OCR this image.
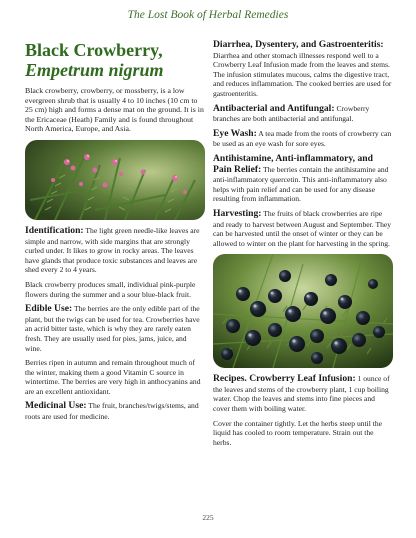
The Lost Book of Herbal Remedies
Black Crowberry,
Empetrum nigrum

Black crowberry, crowberry, or mossberry, is a low evergreen shrub that is usually 4 to 10 inches (10 cm to 25 cm) high and forms a dense mat on the ground. It is in the Ericaceae (Heath) Family and is found throughout North America, Europe, and Asia.

Identification: The light green needle-like leaves are simple and narrow, with side margins that are strongly curled under. It likes to grow in rocky areas. The leaves have glands that produce toxic substances and leaves are shed every 2 to 4 years.

Black crowberry produces small, individual pink-purple flowers during the summer and a sour blue-black fruit.

Edible Use: The berries are the only edible part of the plant, but the twigs can be used for tea. Crowberries have an acrid bitter taste, which is why they are rarely eaten fresh. They are usually used for pies, jams, juice, and wine.

Berries ripen in autumn and remain throughout much of the winter, making them a good Vitamin C source in wintertime. The berries are very high in anthocyanins and are an excellent antioxidant.

Medicinal Use: The fruit, branches/twigs/stems, and roots are used for medicine.
Diarrhea, Dysentery, and Gastroenteritis: Diarrhea and other stomach illnesses respond well to a Crowberry Leaf Infusion made from the leaves and stems. The infusion stimulates mucous, calms the digestive tract, and reduces inflammation. The cooked berries are used for gastroenteritis.
Antibacterial and Antifungal: Crowberry branches are both antibacterial and antifungal.
Eye Wash: A tea made from the roots of crowberry can be used as an eye wash for sore eyes.
Antihistamine, Anti-inflammatory, and Pain Relief: The berries contain the antihistamine and anti-inflammatory quercetin. This anti-inflammatory also helps with pain relief and can be used for any disease resulting from inflammation.
Harvesting: The fruits of black crowberries are ripe and ready to harvest between August and September. They can be harvested until the onset of winter or they can be allowed to winter on the plant for harvesting in the spring.
Recipes. Crowberry Leaf Infusion: 1 ounce of the leaves and stems of the crowberry plant, 1 cup boiling water. Chop the leaves and stems into fine pieces and cover them with boiling water.

Cover the container tightly. Let the herbs steep until the liquid has cooled to room temperature. Strain out the herbs.

225
